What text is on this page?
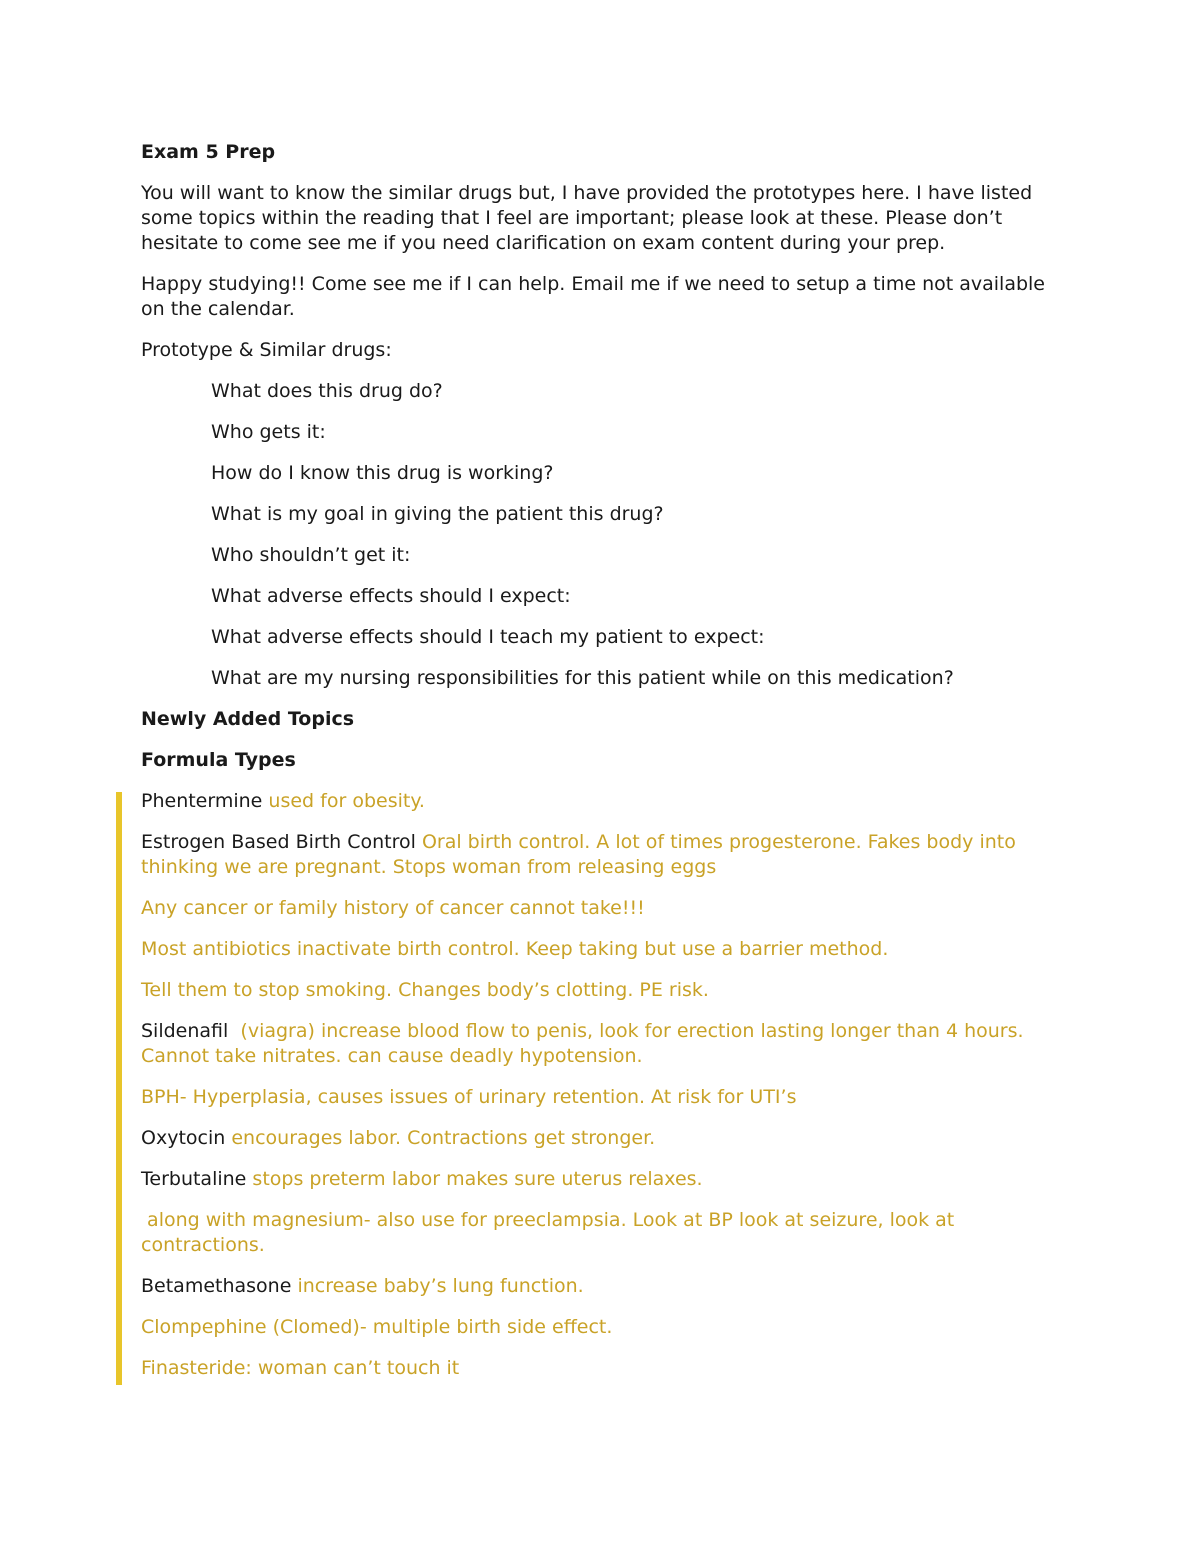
Exam 5 Prep

You will want to know the similar drugs but, I have provided the prototypes here. I have listed some topics within the reading that I feel are important; please look at these. Please don’t hesitate to come see me if you need clarification on exam content during your prep.

Happy studying!! Come see me if I can help. Email me if we need to setup a time not available on the calendar.

Prototype & Similar drugs:

What does this drug do?

Who gets it:

How do I know this drug is working?

What is my goal in giving the patient this drug?

Who shouldn’t get it:

What adverse effects should I expect:

What adverse effects should I teach my patient to expect:

What are my nursing responsibilities for this patient while on this medication?

Newly Added Topics

Formula Types

Phentermine used for obesity.

Estrogen Based Birth Control Oral birth control. A lot of times progesterone. Fakes body into thinking we are pregnant. Stops woman from releasing eggs

Any cancer or family history of cancer cannot take!!!

Most antibiotics inactivate birth control. Keep taking but use a barrier method.

Tell them to stop smoking. Changes body’s clotting. PE risk.

Sildenafil (viagra) increase blood flow to penis, look for erection lasting longer than 4 hours. Cannot take nitrates. can cause deadly hypotension.

BPH- Hyperplasia, causes issues of urinary retention. At risk for UTI’s

Oxytocin encourages labor. Contractions get stronger.

Terbutaline stops preterm labor makes sure uterus relaxes.

along with magnesium- also use for preeclampsia. Look at BP look at seizure, look at contractions.

Betamethasone increase baby’s lung function.

Clompephine (Clomed)- multiple birth side effect.

Finasteride: woman can’t touch it
